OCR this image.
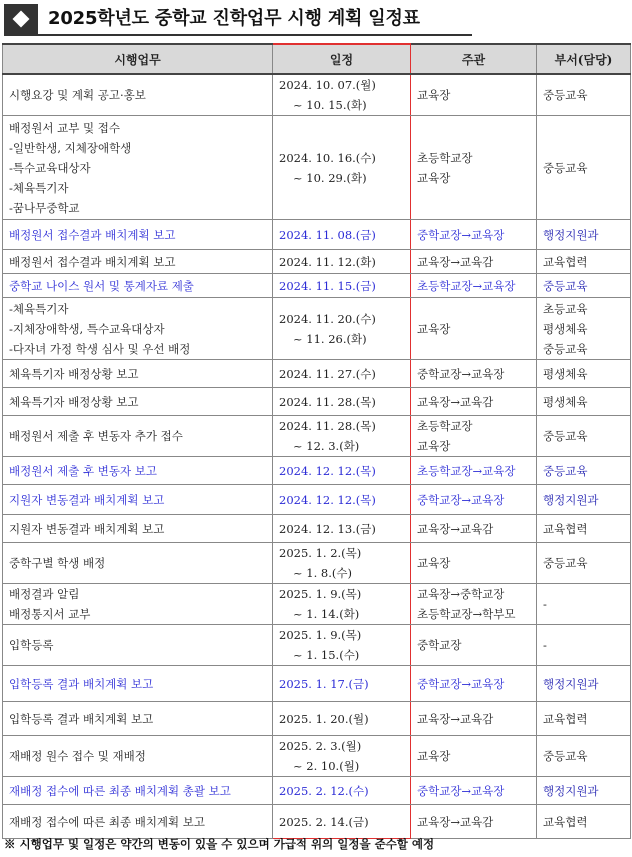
2025학년도 중학교 진학업무 시행 계획 일정표
시행업무	일정	주관	부서(담당)

시행요강 및 계획 공고·홍보	2024. 10. 07.(월)
~ 10. 15.(화)	교육장	중등교육

배정원서 교부 및 접수
-일반학생, 지체장애학생
-특수교육대상자
-체육특기자
-꿈나무중학교	2024. 10. 16.(수)
~ 10. 29.(화)	초등학교장
교육장	중등교육

배정원서 접수결과 배치계획 보고	2024. 11. 08.(금)	중학교장→교육장	행정지원과

배정원서 접수결과 배치계획 보고	2024. 11. 12.(화)	교육장→교육감	교육협력

중학교 나이스 원서 및 통계자료 제출	2024. 11. 15.(금)	초등학교장→교육장	중등교육

-체육특기자
-지체장애학생, 특수교육대상자
-다자녀 가정 학생 심사 및 우선 배정	2024. 11. 20.(수)
~ 11. 26.(화)	교육장	초등교육
평생체육
중등교육

체육특기자 배정상황 보고	2024. 11. 27.(수)	중학교장→교육장	평생체육

체육특기자 배정상황 보고	2024. 11. 28.(목)	교육장→교육감	평생체육

배정원서 제출 후 변동자 추가 접수	2024. 11. 28.(목)
~ 12. 3.(화)	초등학교장
교육장	중등교육

배정원서 제출 후 변동자 보고	2024. 12. 12.(목)	초등학교장→교육장	중등교육

지원자 변동결과 배치계획 보고	2024. 12. 12.(목)	중학교장→교육장	행정지원과

지원자 변동결과 배치계획 보고	2024. 12. 13.(금)	교육장→교육감	교육협력

중학구별 학생 배정	2025. 1. 2.(목)
~ 1. 8.(수)	교육장	중등교육

배정결과 알림
배정통지서 교부	2025. 1. 9.(목)
~ 1. 14.(화)	교육장→중학교장
초등학교장→학부모	-

입학등록	2025. 1. 9.(목)
~ 1. 15.(수)	중학교장	-

입학등록 결과 배치계획 보고	2025. 1. 17.(금)	중학교장→교육장	행정지원과

입학등록 결과 배치계획 보고	2025. 1. 20.(월)	교육장→교육감	교육협력

재배정 원수 접수 및 재배정	2025. 2. 3.(월)
~ 2. 10.(월)	교육장	중등교육

재배정 접수에 따른 최종 배치계획 총괄 보고	2025. 2. 12.(수)	중학교장→교육장	행정지원과

재배정 접수에 따른 최종 배치계획 보고	2025. 2. 14.(금)	교육장→교육감	교육협력
※ 시행업무 및 일정은 약간의 변동이 있을 수 있으며 가급적 위의 일정을 준수할 예정
